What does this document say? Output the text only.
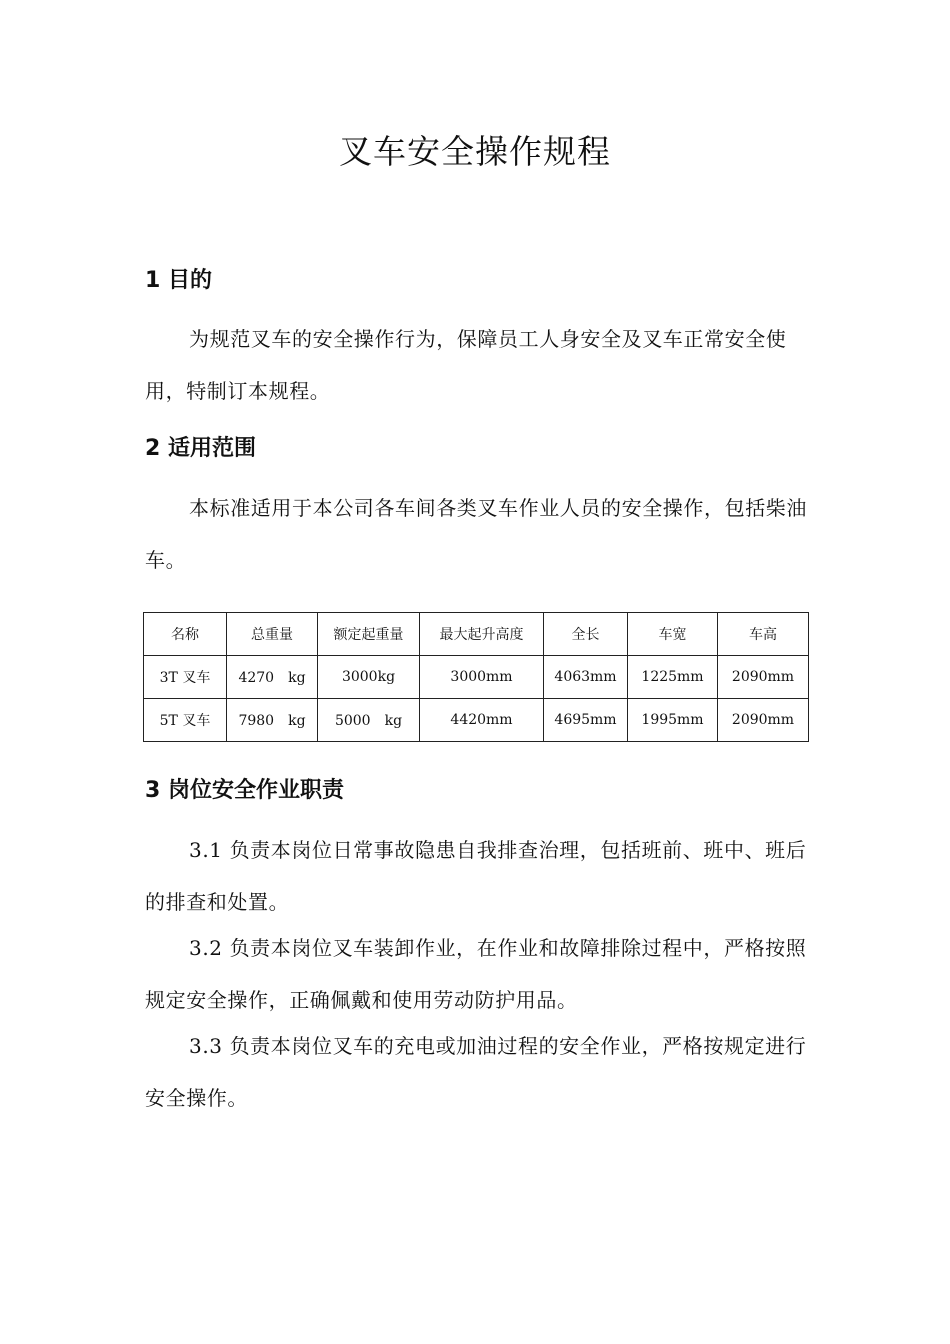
叉车安全操作规程
1 目的
为规范叉车的安全操作行为，保障员工人身安全及叉车正常安全使用，特制订本规程。
2 适用范围
本标准适用于本公司各车间各类叉车作业人员的安全操作，包括柴油车。
名称	总重量	额定起重量	最大起升高度	全长	车宽	车高
3T 叉车	4270　kg	3000kg	3000mm	4063mm	1225mm	2090mm
5T 叉车	7980　kg	5000　kg	4420mm	4695mm	1995mm	2090mm
3 岗位安全作业职责
3.1 负责本岗位日常事故隐患自我排查治理，包括班前、班中、班后的排查和处置。
3.2 负责本岗位叉车装卸作业，在作业和故障排除过程中，严格按照规定安全操作，正确佩戴和使用劳动防护用品。
3.3 负责本岗位叉车的充电或加油过程的安全作业，严格按规定进行安全操作。
